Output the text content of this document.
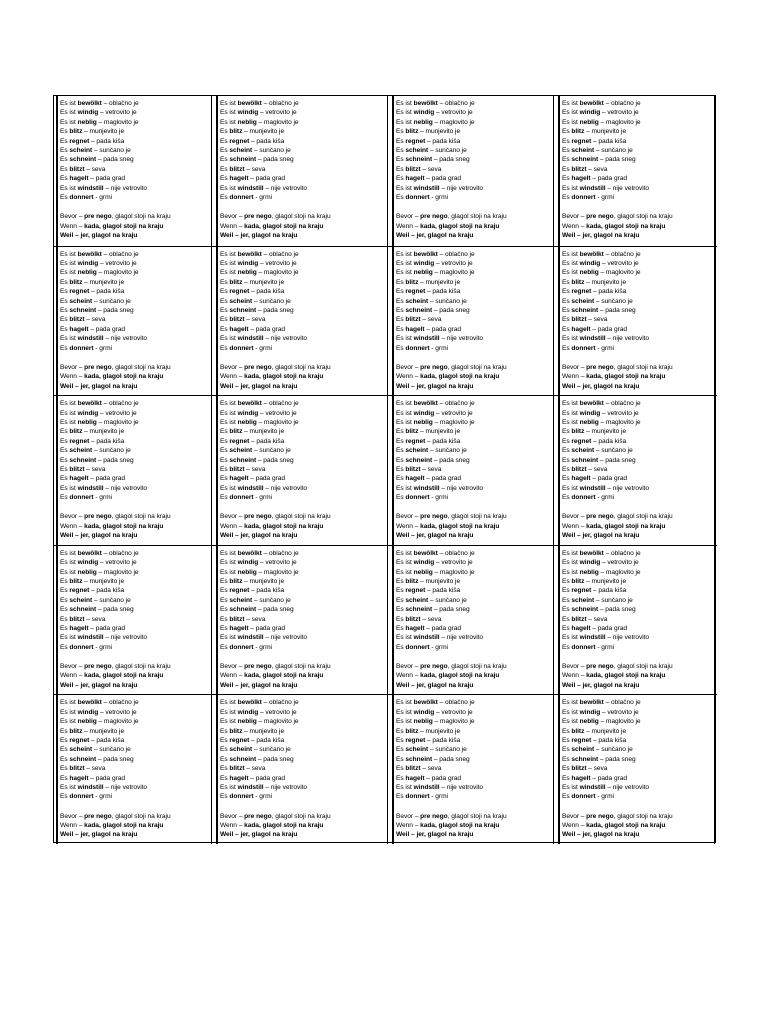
Es ist bewölkt – oblačno je
Es ist windig – vetrovito je
Es ist neblig – maglovito je
Es blitz – munjevito je
Es regnet – pada kiša
Es scheint – sunčano je
Es schneint – pada sneg
Es blitzt – seva
Es hagelt – pada grad
Es ist windstill – nije vetrovito
Es donnert - grmi
Bevor – pre nego, glagol stoji na kraju
Wenn – kada, glagol stoji na kraju
Weil – jer, glagol na kraju
Es ist bewölkt – oblačno je
Es ist windig – vetrovito je
Es ist neblig – maglovito je
Es blitz – munjevito je
Es regnet – pada kiša
Es scheint – sunčano je
Es schneint – pada sneg
Es blitzt – seva
Es hagelt – pada grad
Es ist windstill – nije vetrovito
Es donnert - grmi
Bevor – pre nego, glagol stoji na kraju
Wenn – kada, glagol stoji na kraju
Weil – jer, glagol na kraju
Es ist bewölkt – oblačno je
Es ist windig – vetrovito je
Es ist neblig – maglovito je
Es blitz – munjevito je
Es regnet – pada kiša
Es scheint – sunčano je
Es schneint – pada sneg
Es blitzt – seva
Es hagelt – pada grad
Es ist windstill – nije vetrovito
Es donnert - grmi
Bevor – pre nego, glagol stoji na kraju
Wenn – kada, glagol stoji na kraju
Weil – jer, glagol na kraju
Es ist bewölkt – oblačno je
Es ist windig – vetrovito je
Es ist neblig – maglovito je
Es blitz – munjevito je
Es regnet – pada kiša
Es scheint – sunčano je
Es schneint – pada sneg
Es blitzt – seva
Es hagelt – pada grad
Es ist windstill – nije vetrovito
Es donnert - grmi
Bevor – pre nego, glagol stoji na kraju
Wenn – kada, glagol stoji na kraju
Weil – jer, glagol na kraju
Es ist bewölkt – oblačno je
Es ist windig – vetrovito je
Es ist neblig – maglovito je
Es blitz – munjevito je
Es regnet – pada kiša
Es scheint – sunčano je
Es schneint – pada sneg
Es blitzt – seva
Es hagelt – pada grad
Es ist windstill – nije vetrovito
Es donnert - grmi
Bevor – pre nego, glagol stoji na kraju
Wenn – kada, glagol stoji na kraju
Weil – jer, glagol na kraju
Es ist bewölkt – oblačno je
Es ist windig – vetrovito je
Es ist neblig – maglovito je
Es blitz – munjevito je
Es regnet – pada kiša
Es scheint – sunčano je
Es schneint – pada sneg
Es blitzt – seva
Es hagelt – pada grad
Es ist windstill – nije vetrovito
Es donnert - grmi
Bevor – pre nego, glagol stoji na kraju
Wenn – kada, glagol stoji na kraju
Weil – jer, glagol na kraju
Es ist bewölkt – oblačno je
Es ist windig – vetrovito je
Es ist neblig – maglovito je
Es blitz – munjevito je
Es regnet – pada kiša
Es scheint – sunčano je
Es schneint – pada sneg
Es blitzt – seva
Es hagelt – pada grad
Es ist windstill – nije vetrovito
Es donnert - grmi
Bevor – pre nego, glagol stoji na kraju
Wenn – kada, glagol stoji na kraju
Weil – jer, glagol na kraju
Es ist bewölkt – oblačno je
Es ist windig – vetrovito je
Es ist neblig – maglovito je
Es blitz – munjevito je
Es regnet – pada kiša
Es scheint – sunčano je
Es schneint – pada sneg
Es blitzt – seva
Es hagelt – pada grad
Es ist windstill – nije vetrovito
Es donnert - grmi
Bevor – pre nego, glagol stoji na kraju
Wenn – kada, glagol stoji na kraju
Weil – jer, glagol na kraju
Es ist bewölkt – oblačno je
Es ist windig – vetrovito je
Es ist neblig – maglovito je
Es blitz – munjevito je
Es regnet – pada kiša
Es scheint – sunčano je
Es schneint – pada sneg
Es blitzt – seva
Es hagelt – pada grad
Es ist windstill – nije vetrovito
Es donnert - grmi
Bevor – pre nego, glagol stoji na kraju
Wenn – kada, glagol stoji na kraju
Weil – jer, glagol na kraju
Es ist bewölkt – oblačno je
Es ist windig – vetrovito je
Es ist neblig – maglovito je
Es blitz – munjevito je
Es regnet – pada kiša
Es scheint – sunčano je
Es schneint – pada sneg
Es blitzt – seva
Es hagelt – pada grad
Es ist windstill – nije vetrovito
Es donnert - grmi
Bevor – pre nego, glagol stoji na kraju
Wenn – kada, glagol stoji na kraju
Weil – jer, glagol na kraju
Es ist bewölkt – oblačno je
Es ist windig – vetrovito je
Es ist neblig – maglovito je
Es blitz – munjevito je
Es regnet – pada kiša
Es scheint – sunčano je
Es schneint – pada sneg
Es blitzt – seva
Es hagelt – pada grad
Es ist windstill – nije vetrovito
Es donnert - grmi
Bevor – pre nego, glagol stoji na kraju
Wenn – kada, glagol stoji na kraju
Weil – jer, glagol na kraju
Es ist bewölkt – oblačno je
Es ist windig – vetrovito je
Es ist neblig – maglovito je
Es blitz – munjevito je
Es regnet – pada kiša
Es scheint – sunčano je
Es schneint – pada sneg
Es blitzt – seva
Es hagelt – pada grad
Es ist windstill – nije vetrovito
Es donnert - grmi
Bevor – pre nego, glagol stoji na kraju
Wenn – kada, glagol stoji na kraju
Weil – jer, glagol na kraju
Es ist bewölkt – oblačno je
Es ist windig – vetrovito je
Es ist neblig – maglovito je
Es blitz – munjevito je
Es regnet – pada kiša
Es scheint – sunčano je
Es schneint – pada sneg
Es blitzt – seva
Es hagelt – pada grad
Es ist windstill – nije vetrovito
Es donnert - grmi
Bevor – pre nego, glagol stoji na kraju
Wenn – kada, glagol stoji na kraju
Weil – jer, glagol na kraju
Es ist bewölkt – oblačno je
Es ist windig – vetrovito je
Es ist neblig – maglovito je
Es blitz – munjevito je
Es regnet – pada kiša
Es scheint – sunčano je
Es schneint – pada sneg
Es blitzt – seva
Es hagelt – pada grad
Es ist windstill – nije vetrovito
Es donnert - grmi
Bevor – pre nego, glagol stoji na kraju
Wenn – kada, glagol stoji na kraju
Weil – jer, glagol na kraju
Es ist bewölkt – oblačno je
Es ist windig – vetrovito je
Es ist neblig – maglovito je
Es blitz – munjevito je
Es regnet – pada kiša
Es scheint – sunčano je
Es schneint – pada sneg
Es blitzt – seva
Es hagelt – pada grad
Es ist windstill – nije vetrovito
Es donnert - grmi
Bevor – pre nego, glagol stoji na kraju
Wenn – kada, glagol stoji na kraju
Weil – jer, glagol na kraju
Es ist bewölkt – oblačno je
Es ist windig – vetrovito je
Es ist neblig – maglovito je
Es blitz – munjevito je
Es regnet – pada kiša
Es scheint – sunčano je
Es schneint – pada sneg
Es blitzt – seva
Es hagelt – pada grad
Es ist windstill – nije vetrovito
Es donnert - grmi
Bevor – pre nego, glagol stoji na kraju
Wenn – kada, glagol stoji na kraju
Weil – jer, glagol na kraju
Es ist bewölkt – oblačno je
Es ist windig – vetrovito je
Es ist neblig – maglovito je
Es blitz – munjevito je
Es regnet – pada kiša
Es scheint – sunčano je
Es schneint – pada sneg
Es blitzt – seva
Es hagelt – pada grad
Es ist windstill – nije vetrovito
Es donnert - grmi
Bevor – pre nego, glagol stoji na kraju
Wenn – kada, glagol stoji na kraju
Weil – jer, glagol na kraju
Es ist bewölkt – oblačno je
Es ist windig – vetrovito je
Es ist neblig – maglovito je
Es blitz – munjevito je
Es regnet – pada kiša
Es scheint – sunčano je
Es schneint – pada sneg
Es blitzt – seva
Es hagelt – pada grad
Es ist windstill – nije vetrovito
Es donnert - grmi
Bevor – pre nego, glagol stoji na kraju
Wenn – kada, glagol stoji na kraju
Weil – jer, glagol na kraju
Es ist bewölkt – oblačno je
Es ist windig – vetrovito je
Es ist neblig – maglovito je
Es blitz – munjevito je
Es regnet – pada kiša
Es scheint – sunčano je
Es schneint – pada sneg
Es blitzt – seva
Es hagelt – pada grad
Es ist windstill – nije vetrovito
Es donnert - grmi
Bevor – pre nego, glagol stoji na kraju
Wenn – kada, glagol stoji na kraju
Weil – jer, glagol na kraju
Es ist bewölkt – oblačno je
Es ist windig – vetrovito je
Es ist neblig – maglovito je
Es blitz – munjevito je
Es regnet – pada kiša
Es scheint – sunčano je
Es schneint – pada sneg
Es blitzt – seva
Es hagelt – pada grad
Es ist windstill – nije vetrovito
Es donnert - grmi
Bevor – pre nego, glagol stoji na kraju
Wenn – kada, glagol stoji na kraju
Weil – jer, glagol na kraju
